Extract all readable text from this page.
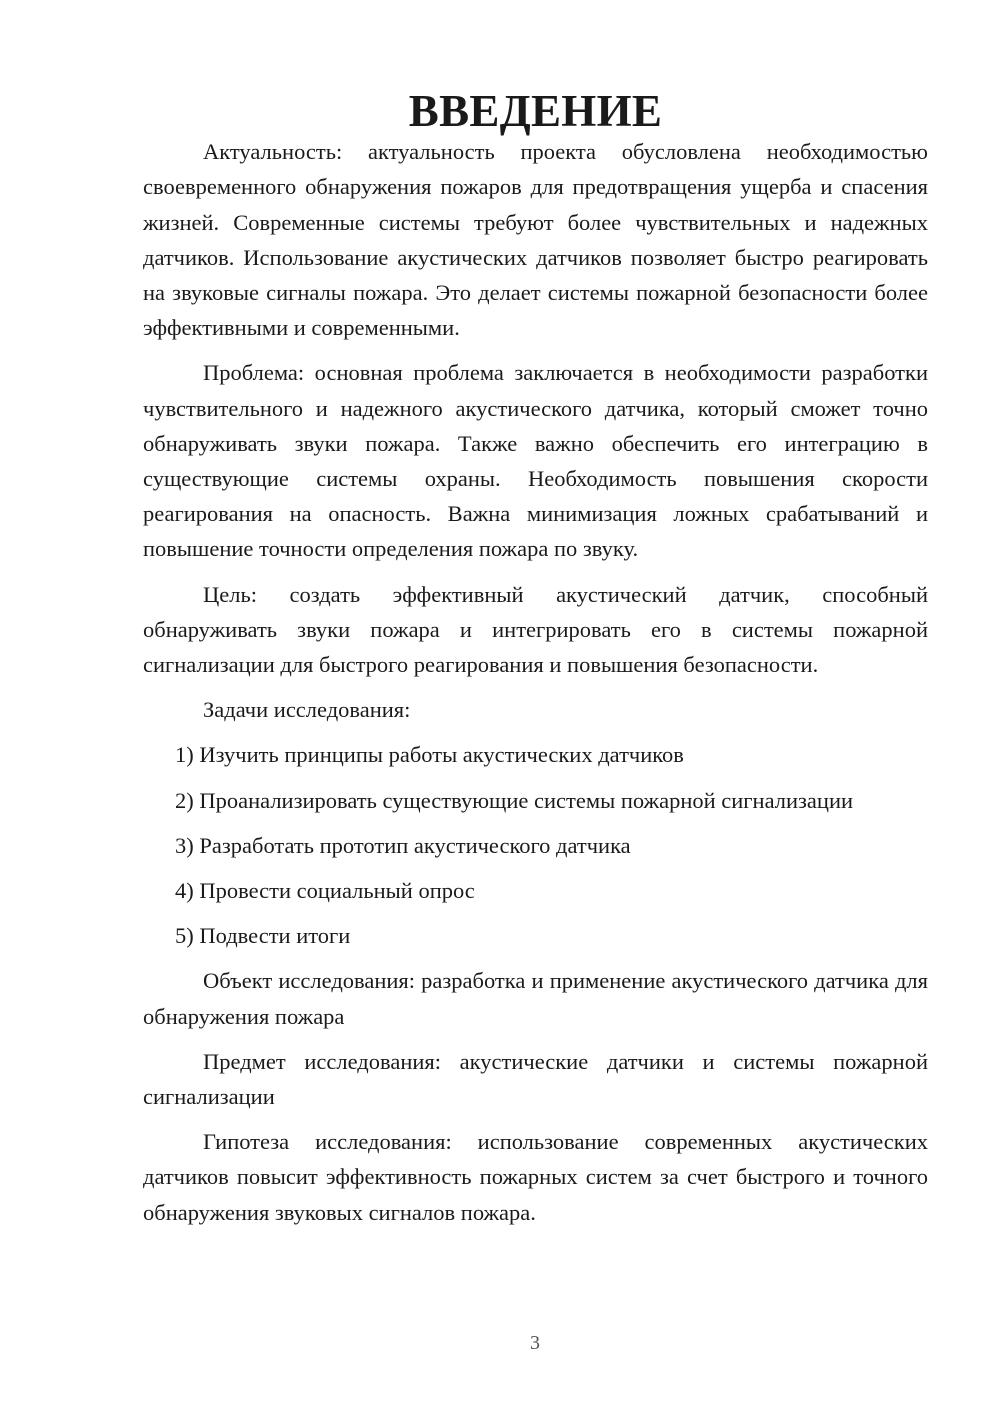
ВВЕДЕНИЕ

Актуальность: актуальность проекта обусловлена необходимостью своевременного обнаружения пожаров для предотвращения ущерба и спасения жизней. Современные системы требуют более чувствительных и надежных датчиков. Использование акустических датчиков позволяет быстро реагировать на звуковые сигналы пожара. Это делает системы пожарной безопасности более эффективными и современными.

Проблема: основная проблема заключается в необходимости разработки чувствительного и надежного акустического датчика, который сможет точно обнаруживать звуки пожара. Также важно обеспечить его интеграцию в существующие системы охраны. Необходимость повышения скорости реагирования на опасность. Важна минимизация ложных срабатываний и повышение точности определения пожара по звуку.

Цель: создать эффективный акустический датчик, способный обнаруживать звуки пожара и интегрировать его в системы пожарной сигнализации для быстрого реагирования и повышения безопасности.

Задачи исследования:

1) Изучить принципы работы акустических датчиков
2) Проанализировать существующие системы пожарной сигнализации
3) Разработать прототип акустического датчика
4) Провести социальный опрос
5) Подвести итоги

Объект исследования: разработка и применение акустического датчика для обнаружения пожара

Предмет исследования: акустические датчики и системы пожарной сигнализации

Гипотеза исследования: использование современных акустических датчиков повысит эффективность пожарных систем за счет быстрого и точного обнаружения звуковых сигналов пожара.

3
